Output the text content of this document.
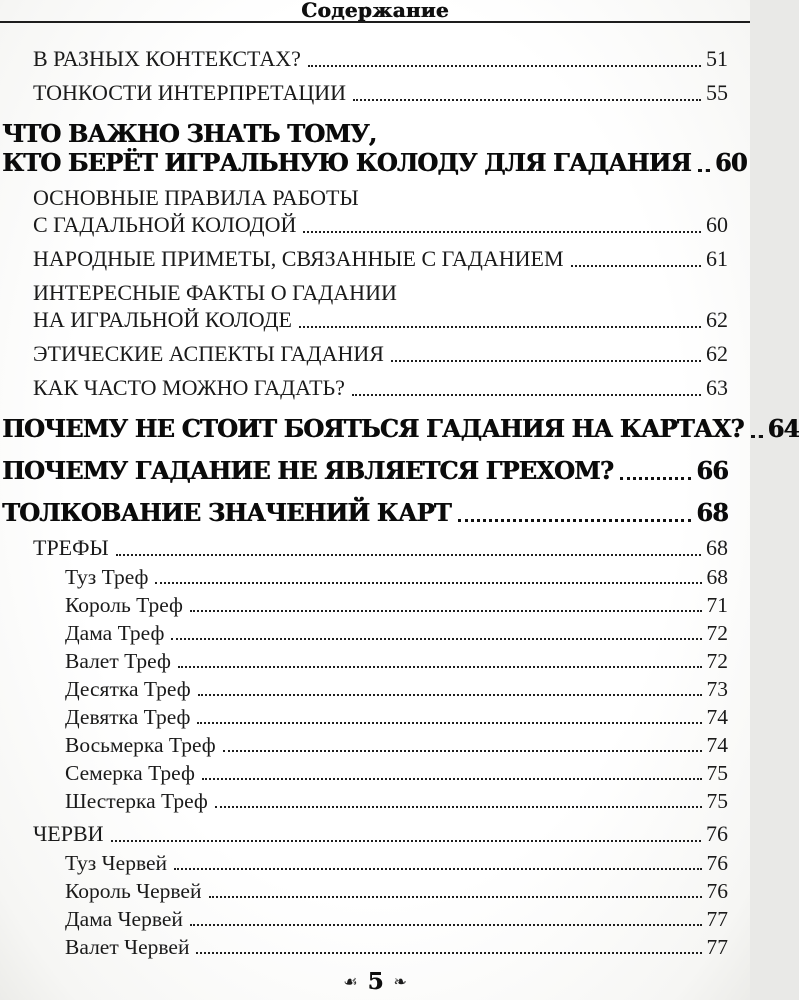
Содержание
В РАЗНЫХ КОНТЕКСТАХ?	51
ТОНКОСТИ ИНТЕРПРЕТАЦИИ	55
ЧТО ВАЖНО ЗНАТЬ ТОМУ,
КТО БЕРЁТ ИГРАЛЬНУЮ КОЛОДУ ДЛЯ ГАДАНИЯ 60
ОСНОВНЫЕ ПРАВИЛА РАБОТЫ
С ГАДАЛЬНОЙ КОЛОДОЙ	60
НАРОДНЫЕ ПРИМЕТЫ, СВЯЗАННЫЕ С ГАДАНИЕМ	61
ИНТЕРЕСНЫЕ ФАКТЫ О ГАДАНИИ
НА ИГРАЛЬНОЙ КОЛОДЕ	62
ЭТИЧЕСКИЕ АСПЕКТЫ ГАДАНИЯ	62
КАК ЧАСТО МОЖНО ГАДАТЬ?	63
ПОЧЕМУ НЕ СТОИТ БОЯТЬСЯ ГАДАНИЯ НА КАРТАХ? 64
ПОЧЕМУ ГАДАНИЕ НЕ ЯВЛЯЕТСЯ ГРЕХОМ?	66
ТОЛКОВАНИЕ ЗНАЧЕНИЙ КАРТ	68
ТРЕФЫ	68
Туз Треф	68
Король Треф	71
Дама Треф	72
Валет Треф	72
Десятка Треф	73
Девятка Треф	74
Восьмерка Треф	74
Семерка Треф	75
Шестерка Треф	75
ЧЕРВИ	76
Туз Червей	76
Король Червей	76
Дама Червей	77
Валет Червей	77
☙ 5 ❧
